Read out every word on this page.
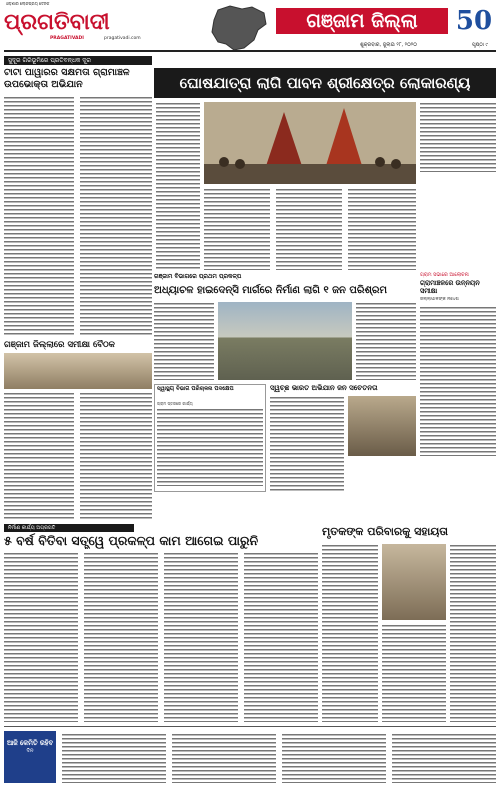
ଓଡ଼ିଶାର ଲୋକପ୍ରିୟ ଦୈନିକ
ପ୍ରଗତିବାଦୀ
PRAGATIVADI	pragativadi.com
ଗଞ୍ଜାମ ଜିଲ୍ଲା	50
ଶୁକ୍ରବାର, ଜୁଲାଇ ୨୮, ୨୦୨୦	ପୃଷ୍ଠା ୯
ସୁଦୂର ଗିରିଭୂମିରେ ପ୍ରତିବନ୍ଧକ ଦୂର
ଟାଟା ପାୱାରର ସକ୍ଷମତା ଗ୍ରାମାଞ୍ଚଳ ଉପଭୋକ୍ତା ଅଭିଯାନ	ଘୋଷଯାତ୍ରା ଲାଗି ପାବନ ଶ୍ରୀକ୍ଷେତ୍ର ଲୋକାରଣ୍ୟ
ଗ୍ରାମ ସଭାରେ ଆଲୋଚନା
ଗ୍ରାମାଞ୍ଚଳରେ ଉନ୍ନୟନ ସମୀକ୍ଷା
ଜିଲ୍ଲାପାଳଙ୍କ ନିର୍ଦ୍ଦେଶ
ଗଞ୍ଜାମ ବିଭାଗରେ ପ୍ରଥମ ପ୍ରକଳ୍ପ
ଅଧ୍ୟାଚଳ ହାଇଦେନ୍ସି ମାର୍ଗରେ ନିର୍ମାଣ ଲାଗି ୧ ଜନ ପରିଶ୍ରମ
ଗଞ୍ଜାମ ଜିଲ୍ଲାରେ ସମୀକ୍ଷା ବୈଠକ
ସ୍ୱାସ୍ଥ୍ୟ ବିଭାଗ ପରିଚାଳନା ପଦକ୍ଷେପ
ଗ୍ରାମ ସ୍ତରରେ କାର୍ଯ୍ୟ
ସ୍ୱଚ୍ଛ ଭାରତ ଅଭିଯାନ ଜନ ସଚେତନତା
ନିର୍ମାଣ କାର୍ଯ୍ୟ ଅଗ୍ରଗତି
୫ ବର୍ଷ ବିତିବା ସତ୍ତ୍ୱେ ପ୍ରକଳ୍ପ କାମ ଆଗେଇ ପାରୁନି
ମୃତକଙ୍କ ପରିବାରକୁ ସହାୟତା
ଆଜି କେମିତି ରହିବ
ଦିନ
